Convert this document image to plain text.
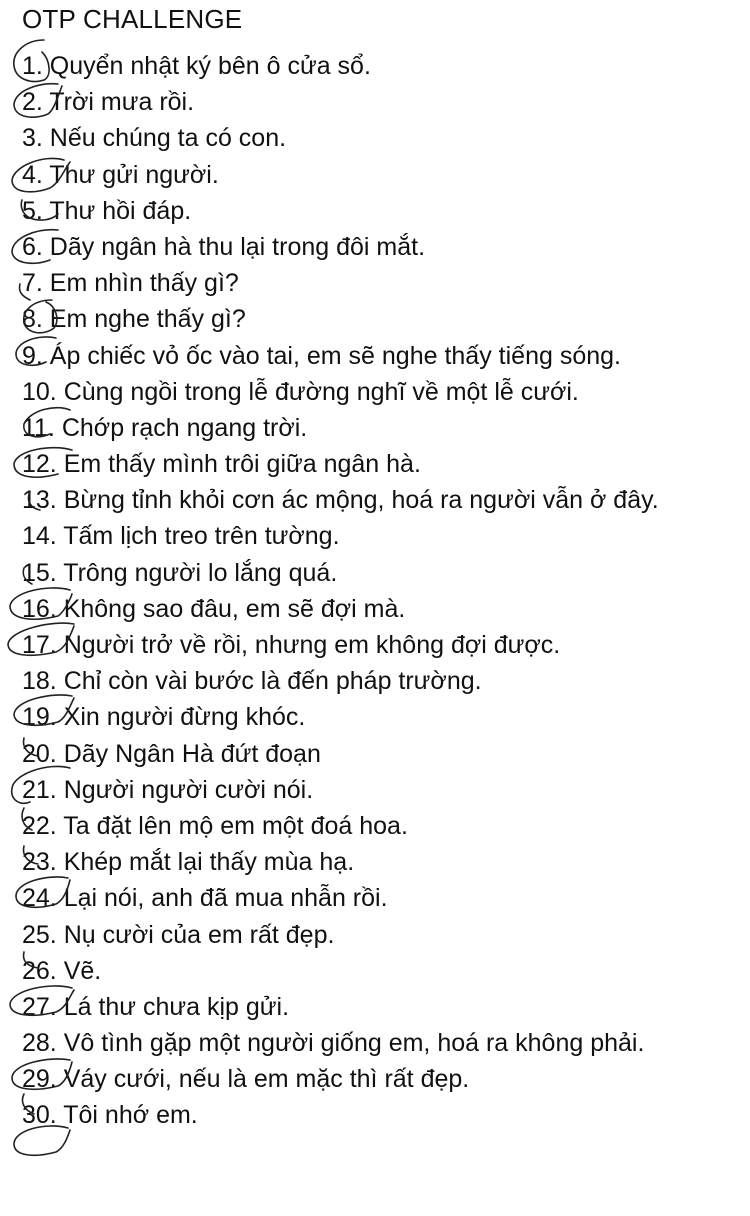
OTP CHALLENGE
1. Quyển nhật ký bên ô cửa sổ.
2. Trời mưa rồi.
3. Nếu chúng ta có con.
4. Thư gửi người.
5. Thư hồi đáp.
6. Dãy ngân hà thu lại trong đôi mắt.
7. Em nhìn thấy gì?
8. Em nghe thấy gì?
9. Áp chiếc vỏ ốc vào tai, em sẽ nghe thấy tiếng sóng.
10. Cùng ngồi trong lễ đường nghĩ về một lễ cưới.
11. Chớp rạch ngang trời.
12. Em thấy mình trôi giữa ngân hà.
13. Bừng tỉnh khỏi cơn ác mộng, hoá ra người vẫn ở đây.
14. Tấm lịch treo trên tường.
15. Trông người lo lắng quá.
16. Không sao đâu, em sẽ đợi mà.
17. Người trở về rồi, nhưng em không đợi được.
18. Chỉ còn vài bước là đến pháp trường.
19. Xin người đừng khóc.
20. Dãy Ngân Hà đứt đoạn
21. Người người cười nói.
22. Ta đặt lên mộ em một đoá hoa.
23. Khép mắt lại thấy mùa hạ.
24. Lại nói, anh đã mua nhẫn rồi.
25. Nụ cười của em rất đẹp.
26. Vẽ.
27. Lá thư chưa kịp gửi.
28. Vô tình gặp một người giống em, hoá ra không phải.
29. Váy cưới, nếu là em mặc thì rất đẹp.
30. Tôi nhớ em.
